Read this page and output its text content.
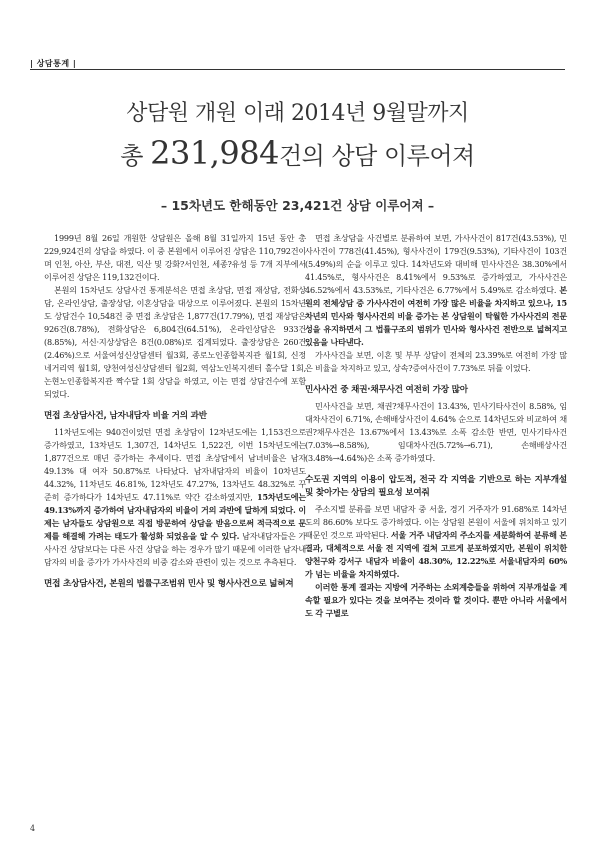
| 상담통계 |
상담원 개원 이래 2014년 9월말까지
총 231,984건의 상담 이루어져
– 15차년도 한해동안 23,421건 상담 이루어져 –

1999년 8월 26일 개원한 상담원은 올해 8월 31일까지 15년 동안 총 229,924건의 상담을 하였다. 이 중 본원에서 이루어진 상담은 110,792건이며 인천, 아산, 부산, 대전, 익산 및 강화?서인천, 세종?유성 등 7개 지부에서 이루어진 상담은 119,132건이다.

본원의 15차년도 상담사건 통계분석은 면접 초상담, 면접 재상담, 전화상담, 온라인상담, 출장상담, 이혼상담을 대상으로 이루어졌다. 본원의 15차년도 상담건수 10,548건 중 면접 초상담은 1,877건(17.79%), 면접 재상담은 926건(8.78%), 전화상담은 6,804건(64.51%), 온라인상담은 933건(8.85%), 서신·지상상담은 8건(0.08%)로 집계되었다. 출장상담은 260건(2.46%)으로 서울여성신상담센터 월3회, 종로노인종합복지관 월1회, 신정네거리역 월1회, 양천여성신상담센터 월2회, 역삼노인복지센터 홀수달 1회, 논현노인종합복지관 짝수달 1회 상담을 하였고, 이는 면접 상담건수에 포함되었다.

면접 초상담사건, 남자내담자 비율 거의 과반

11차년도에는 940건이었던 면접 초상담이 12차년도에는 1,153건으로 증가하였고, 13차년도 1,307건, 14차년도 1,522건, 이번 15차년도에는 1,877건으로 매년 증가하는 추세이다. 면접 초상담에서 남녀비율은 남자 49.13% 대 여자 50.87%로 나타났다. 남자내담자의 비율이 10차년도 44.32%, 11차년도 46.81%, 12차년도 47.27%, 13차년도 48.32%로 꾸준히 증가하다가 14차년도 47.11%로 약간 감소하였지만, 15차년도에는 49.13%까지 증가하여 남자내담자의 비율이 거의 과반에 달하게 되었다. 이제는 남자들도 상담원으로 직접 방문하여 상담을 받음으로써 적극적으로 문제를 해결해 가려는 태도가 활성화 되었음을 알 수 있다. 남자내담자들은 가사사건 상담보다는 다른 사건 상담을 하는 경우가 많기 때문에 이러한 남자내담자의 비율 증가가 가사사건의 비중 감소와 관련이 있는 것으로 추측된다.

면접 초상담사건, 본원의 법률구조범위 민사 및 형사사건으로 넓혀져

면접 초상담을 사건별로 분류하여 보면, 가사사건이 817건(43.53%), 민사사건이 778건(41.45%), 형사사건이 179건(9.53%), 기타사건이 103건(5.49%)의 순을 이루고 있다. 14차년도와 대비해 민사사건은 38.30%에서 41.45%로, 형사사건은 8.41%에서 9.53%로 증가하였고, 가사사건은 46.52%에서 43.53%로, 기타사건은 6.77%에서 5.49%로 감소하였다. 본원의 전체상담 중 가사사건이 여전히 가장 많은 비율을 차지하고 있으나, 15차년의 민사와 형사사건의 비율 증가는 본 상담원이 탁월한 가사사건의 전문성을 유지하면서 그 법률구조의 범위가 민사와 형사사건 전반으로 넓혀지고 있음을 나타낸다.

가사사건을 보면, 이혼 및 부부 상담이 전체의 23.39%로 여전히 가장 많은 비율을 차지하고 있고, 상속?증여사건이 7.73%로 뒤를 이었다.

민사사건 중 채권·채무사건 여전히 가장 많아

민사사건을 보면, 채권?채무사건이 13.43%, 민사기타사건이 8.58%, 임대차사건이 6.71%, 손해배상사건이 4.64% 순으로 14차년도와 비교하여 채권?채무사건은 13.67%에서 13.43%로 소폭 감소한 반면, 민사기타사건(7.03%→8.58%), 임대차사건(5.72%→6.71), 손해배상사건(3.48%→4.64%)은 소폭 증가하였다.

수도권 지역의 이용이 압도적, 전국 각 지역을 기반으로 하는 지부개설 및 찾아가는 상담의 필요성 보여줘

주소지별 분류를 보면 내담자 중 서울, 경기 거주자가 91.68%로 14차년도의 86.60% 보다도 증가하였다. 이는 상담원 본원이 서울에 위치하고 있기 때문인 것으로 파악된다. 서울 거주 내담자의 주소지를 세분화하여 분류해 본 결과, 대체적으로 서울 전 지역에 걸쳐 고르게 분포하였지만, 본원이 위치한 양천구와 강서구 내담자 비율이 48.30%, 12.22%로 서울내담자의 60%가 넘는 비율을 차지하였다.

이러한 통계 결과는 지방에 거주하는 소외계층들을 위하여 지부개설을 계속할 필요가 있다는 것을 보여주는 것이라 할 것이다. 뿐만 아니라 서울에서도 각 구별로

4
